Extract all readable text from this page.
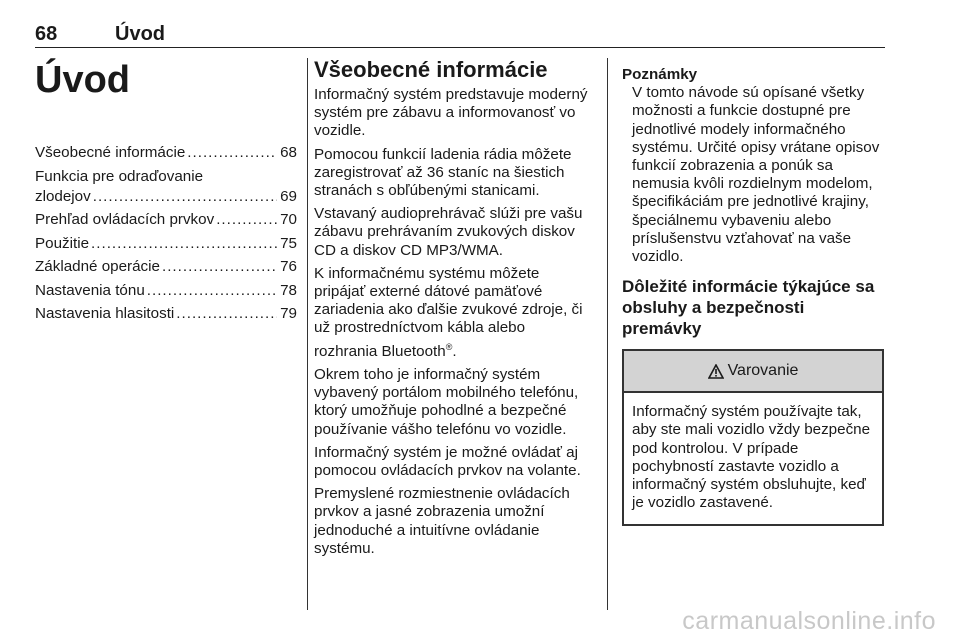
68	Úvod
Úvod
Všeobecné informácie .....	68
Funkcia pre odraďovanie
zlodejov .....	69
Prehľad ovládacích prvkov .....	70
Použitie .....	75
Základné operácie .....	76
Nastavenia tónu .....	78
Nastavenia hlasitosti .....	79
Všeobecné informácie

Informačný systém predstavuje moderný systém pre zábavu a informovanosť vo vozidle.

Pomocou funkcií ladenia rádia môžete zaregistrovať až 36 staníc na šiestich stranách s obľúbenými stanicami.

Vstavaný audioprehrávač slúži pre vašu zábavu prehrávaním zvukových diskov CD a diskov CD MP3/WMA.

K informačnému systému môžete pripájať externé dátové pamäťové zariadenia ako ďalšie zvukové zdroje, či už prostredníctvom kábla alebo rozhrania Bluetooth®.

Okrem toho je informačný systém vybavený portálom mobilného telefónu, ktorý umožňuje pohodlné a bezpečné používanie vášho telefónu vo vozidle.

Informačný systém je možné ovládať aj pomocou ovládacích prvkov na volante.

Premyslené rozmiestnenie ovládacích prvkov a jasné zobrazenia umožní jednoduché a intuitívne ovládanie systému.

Poznámky

V tomto návode sú opísané všetky možnosti a funkcie dostupné pre jednotlivé modely informačného systému. Určité opisy vrátane opisov funkcií zobrazenia a ponúk sa nemusia kvôli rozdielnym modelom, špecifikáciám pre jednotlivé krajiny, špeciálnemu vybaveniu alebo príslušenstvu vzťahovať na vaše vozidlo.

Dôležité informácie týkajúce sa obsluhy a bezpečnosti premávky
Varovanie
Informačný systém používajte tak, aby ste mali vozidlo vždy bezpečne pod kontrolou. V prípade pochybností zastavte vozidlo a informačný systém obsluhujte, keď je vozidlo zastavené.
carmanualsonline.info
